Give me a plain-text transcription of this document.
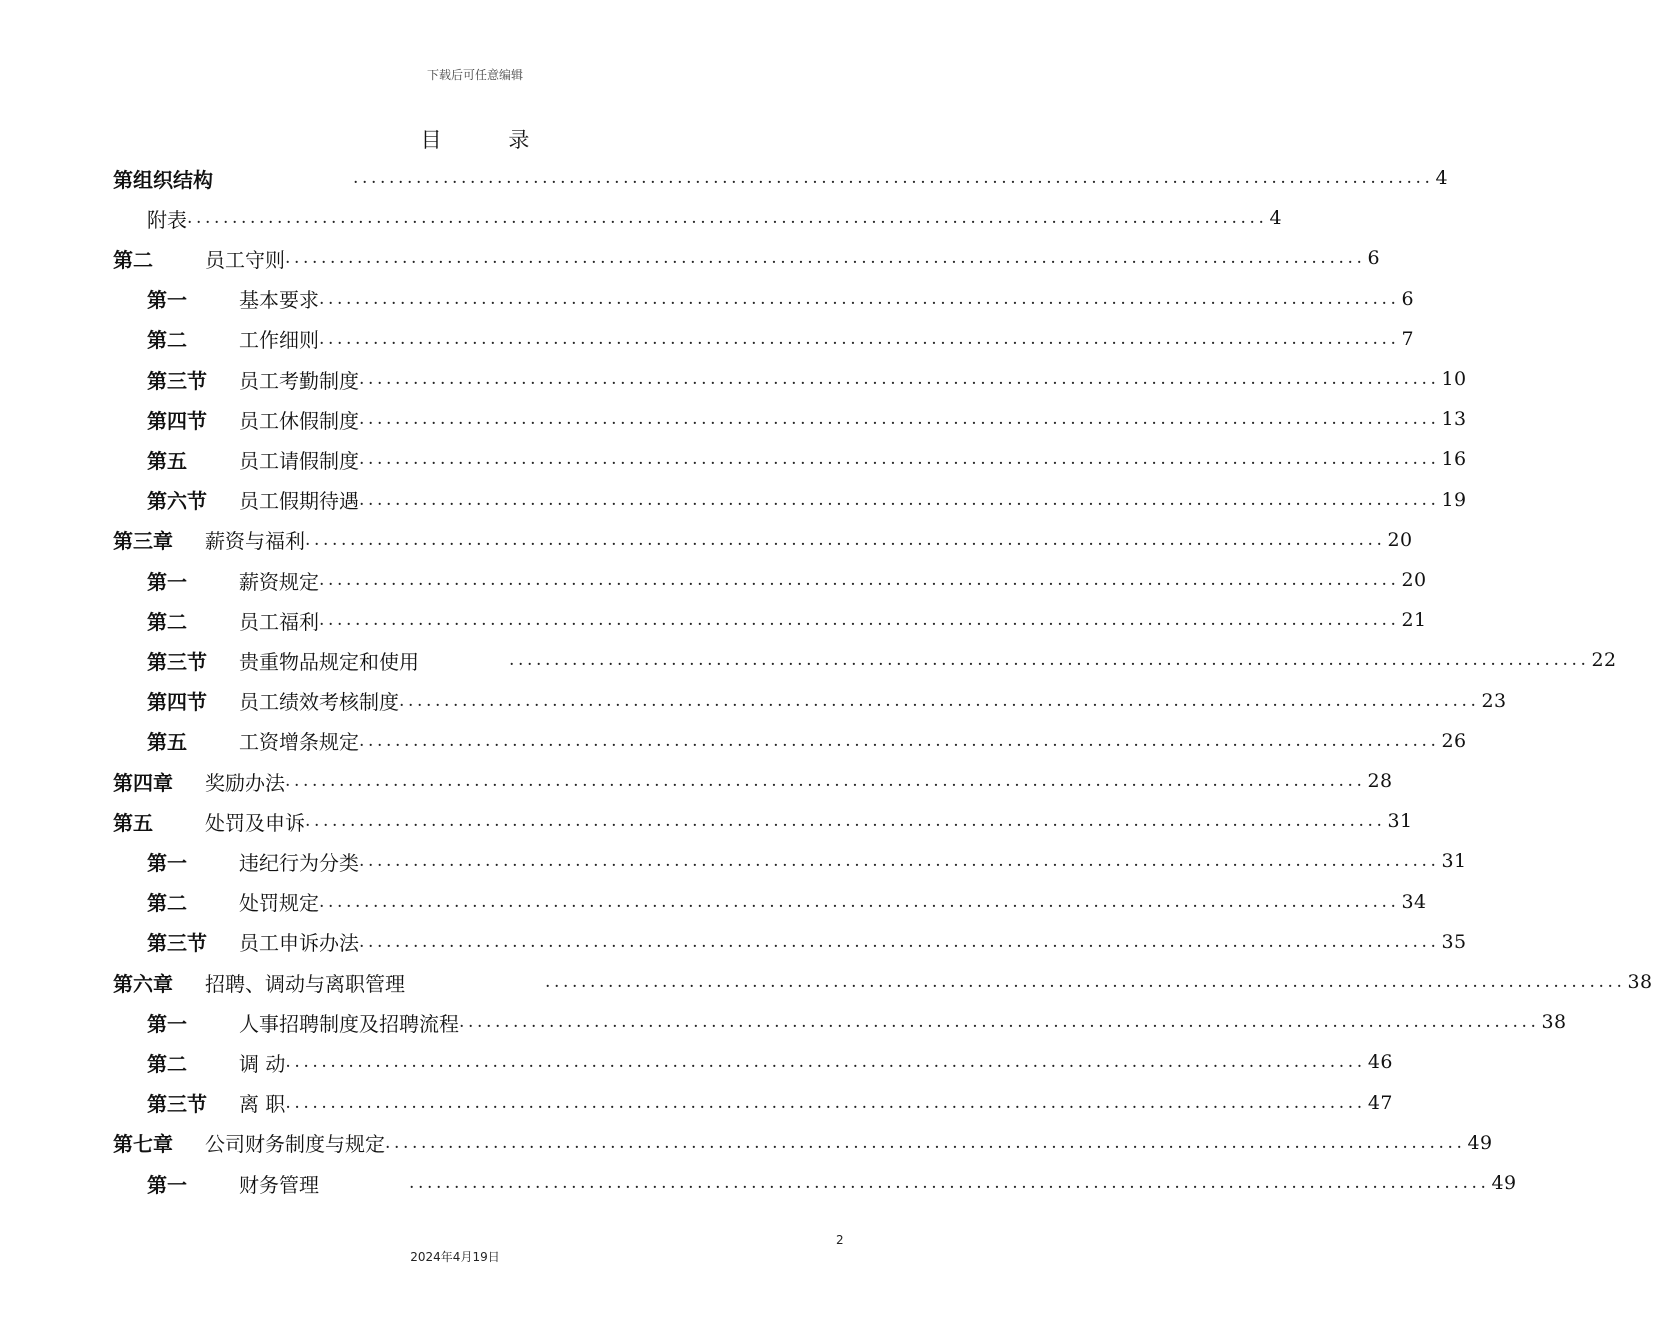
下载后可任意编辑
目 录
第组织结构	........................................................................................................................ 4
附表 ........................................................................................................................ 4
第二	员工守则 ........................................................................................................................ 6
第一	基本要求 ........................................................................................................................ 6
第二	工作细则 ........................................................................................................................ 7
第三节	员工考勤制度 ........................................................................................................................ 10
第四节	员工休假制度 ........................................................................................................................ 13
第五	员工请假制度 ........................................................................................................................ 16
第六节	员工假期待遇 ........................................................................................................................ 19
第三章	薪资与福利 ........................................................................................................................ 20
第一	薪资规定 ........................................................................................................................ 20
第二	员工福利 ........................................................................................................................ 21
第三节	贵重物品规定和使用	........................................................................................................................ 22
第四节	员工绩效考核制度 ........................................................................................................................ 23
第五	工资增条规定 ........................................................................................................................ 26
第四章	奖励办法 ........................................................................................................................ 28
第五	处罚及申诉 ........................................................................................................................ 31
第一	违纪行为分类 ........................................................................................................................ 31
第二	处罚规定 ........................................................................................................................ 34
第三节	员工申诉办法 ........................................................................................................................ 35
第六章	招聘、调动与离职管理	........................................................................................................................ 38
第一	人事招聘制度及招聘流程 ........................................................................................................................ 38
第二	调 动 ........................................................................................................................ 46
第三节	离 职 ........................................................................................................................ 47
第七章	公司财务制度与规定 ........................................................................................................................ 49
第一	财务管理	........................................................................................................................ 49
2
2024年4月19日
